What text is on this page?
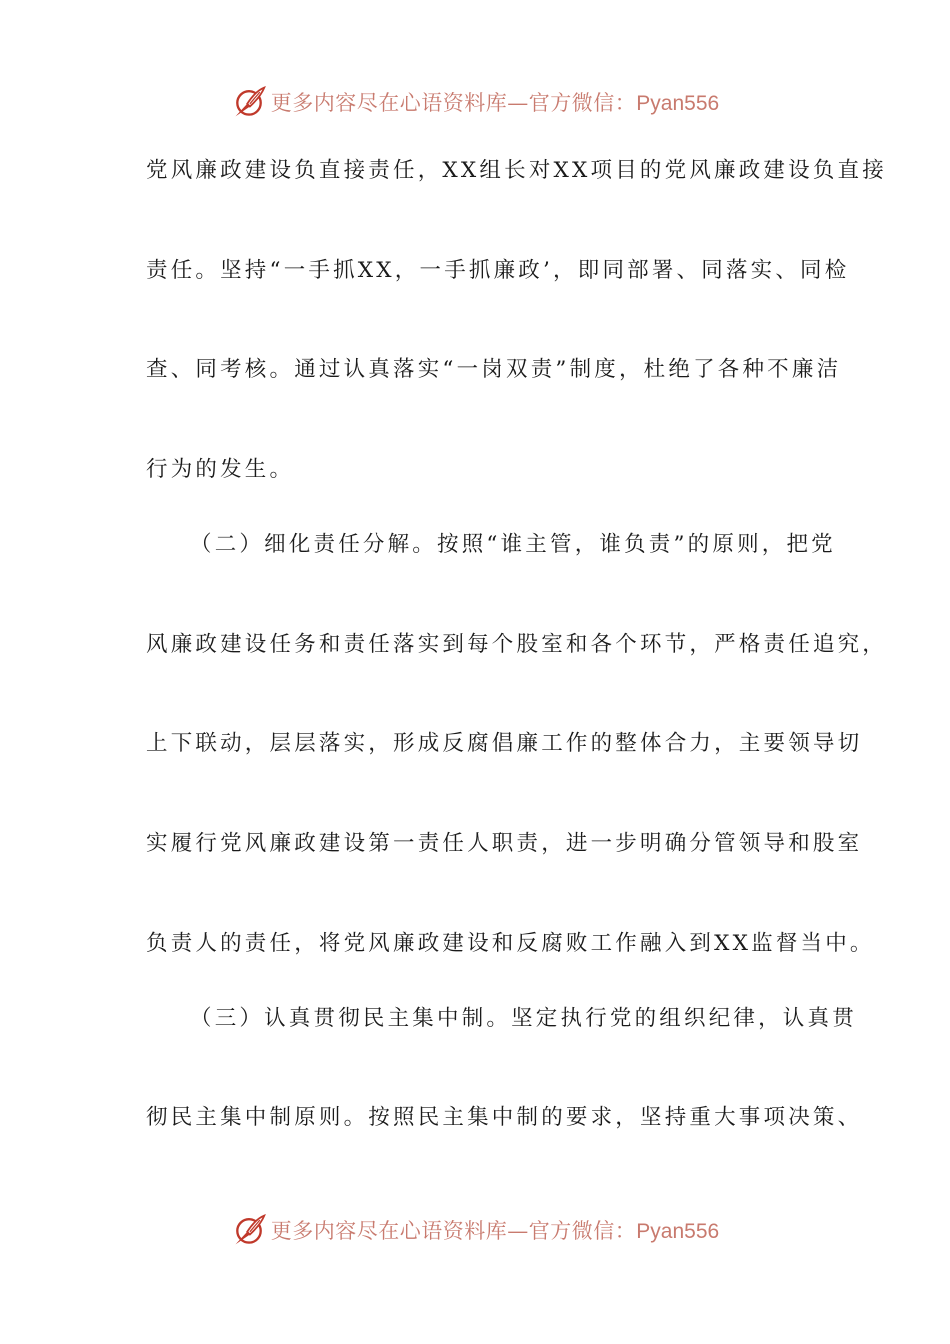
更多内容尽在心语资料库—官方微信：Pyan556
党风廉政建设负直接责任，XX组长对XX项目的党风廉政建设负直接
责任。坚持“一手抓XX，一手抓廉政’，即同部署、同落实、同检
查、同考核。通过认真落实“一岗双责”制度，杜绝了各种不廉洁
行为的发生。
（二）细化责任分解。按照“谁主管，谁负责”的原则，把党
风廉政建设任务和责任落实到每个股室和各个环节，严格责任追究，
上下联动，层层落实，形成反腐倡廉工作的整体合力，主要领导切
实履行党风廉政建设第一责任人职责，进一步明确分管领导和股室
负责人的责任，将党风廉政建设和反腐败工作融入到XX监督当中。
（三）认真贯彻民主集中制。坚定执行党的组织纪律，认真贯
彻民主集中制原则。按照民主集中制的要求，坚持重大事项决策、
更多内容尽在心语资料库—官方微信：Pyan556
